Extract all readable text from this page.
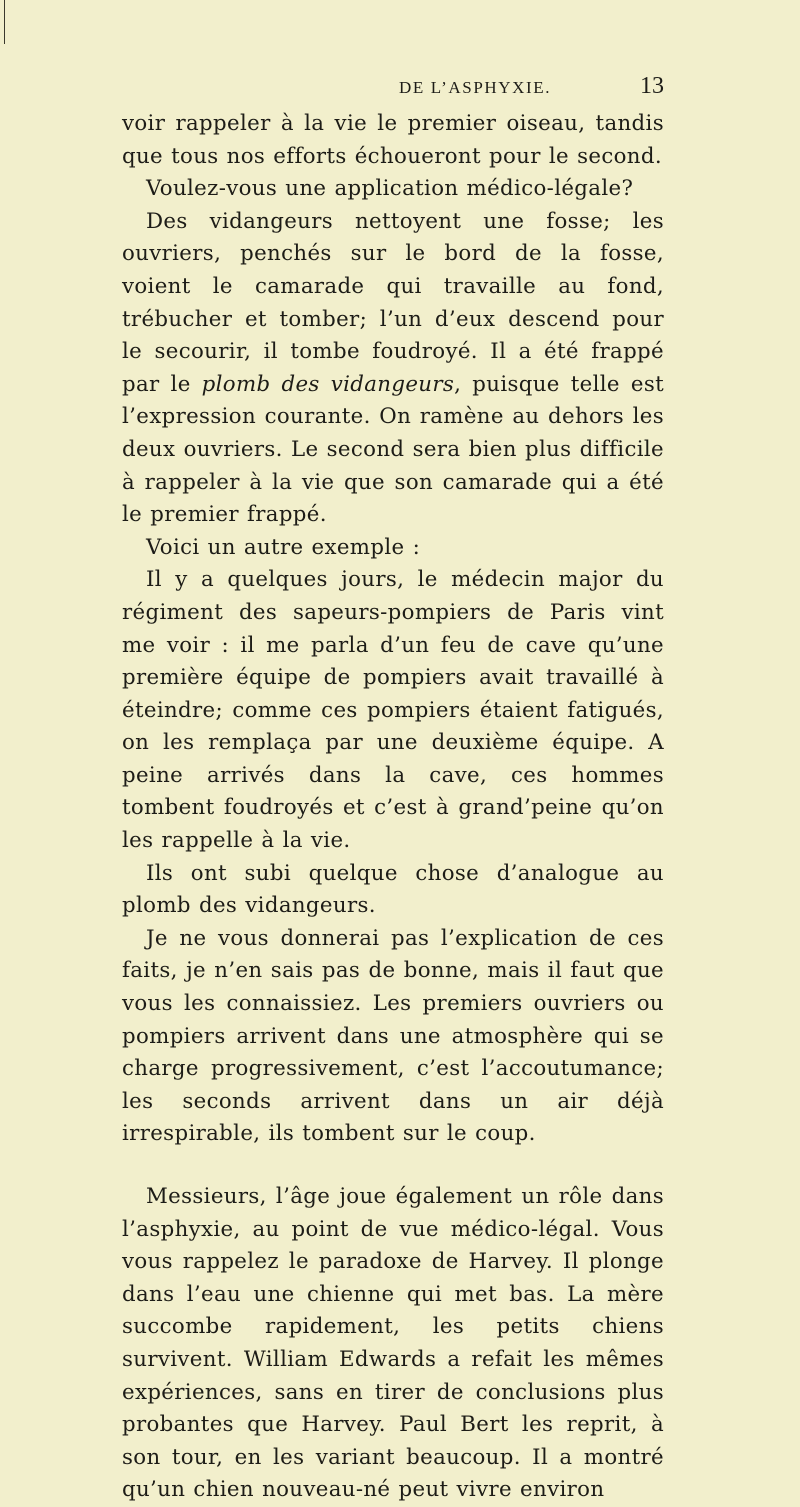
DE L’ASPHYXIE.	13

voir rappeler à la vie le premier oiseau, tandis que tous nos efforts échoueront pour le second.

Voulez-vous une application médico-légale?

Des vidangeurs nettoyent une fosse; les ouvriers, penchés sur le bord de la fosse, voient le camarade qui travaille au fond, trébucher et tomber; l’un d’eux descend pour le secourir, il tombe foudroyé. Il a été frappé par le plomb des vidangeurs, puisque telle est l’expression courante. On ramène au dehors les deux ouvriers. Le second sera bien plus difficile à rappeler à la vie que son camarade qui a été le premier frappé.

Voici un autre exemple :

Il y a quelques jours, le médecin major du régiment des sapeurs-pompiers de Paris vint me voir : il me parla d’un feu de cave qu’une première équipe de pompiers avait travaillé à éteindre; comme ces pompiers étaient fatigués, on les remplaça par une deuxième équipe. A peine arrivés dans la cave, ces hommes tombent foudroyés et c’est à grand’peine qu’on les rappelle à la vie.

Ils ont subi quelque chose d’analogue au plomb des vidangeurs.

Je ne vous donnerai pas l’explication de ces faits, je n’en sais pas de bonne, mais il faut que vous les connaissiez. Les premiers ouvriers ou pompiers arrivent dans une atmosphère qui se charge progressivement, c’est l’accoutumance; les seconds arrivent dans un air déjà irrespirable, ils tombent sur le coup.

Messieurs, l’âge joue également un rôle dans l’asphyxie, au point de vue médico-légal. Vous vous rappelez le paradoxe de Harvey. Il plonge dans l’eau une chienne qui met bas. La mère succombe rapidement, les petits chiens survivent. William Edwards a refait les mêmes expériences, sans en tirer de conclusions plus probantes que Harvey. Paul Bert les reprit, à son tour, en les variant beaucoup. Il a montré qu’un chien nouveau-né peut vivre environ
